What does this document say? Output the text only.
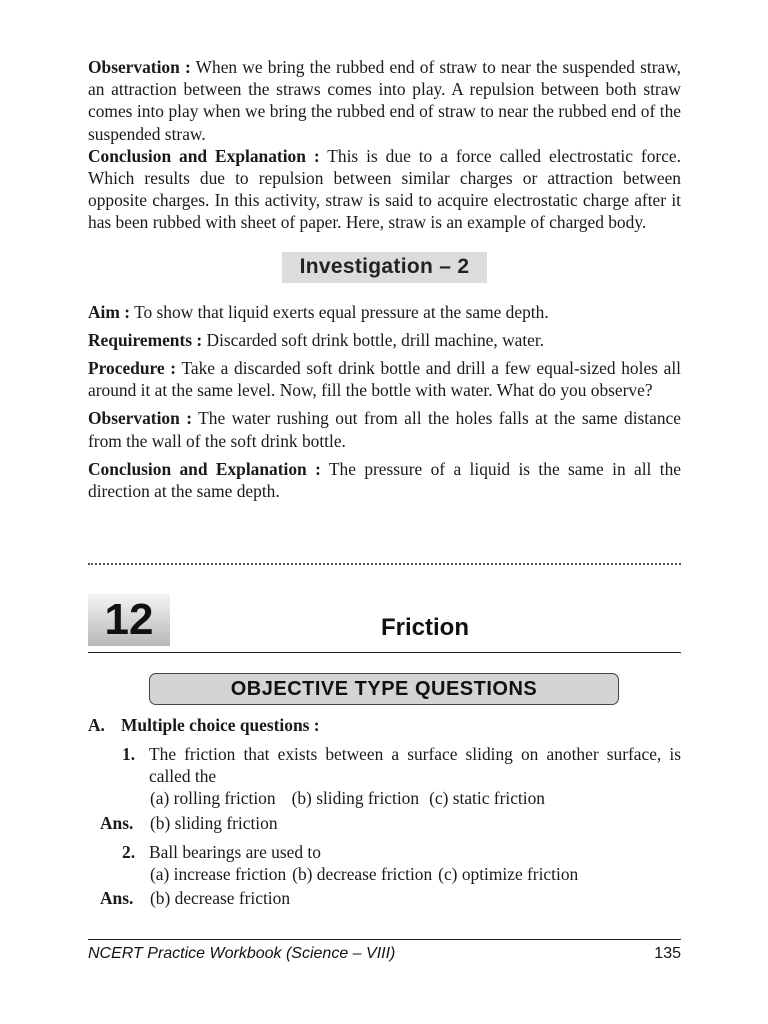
Observation : When we bring the rubbed end of straw to near the suspended straw, an attraction between the straws comes into play. A repulsion between both straw comes into play when we bring the rubbed end of straw to near the rubbed end of the suspended straw.

Conclusion and Explanation : This is due to a force called electrostatic force. Which results due to repulsion between similar charges or attraction between opposite charges. In this activity, straw is said to acquire electrostatic charge after it has been rubbed with sheet of paper. Here, straw is an example of charged body.

Investigation – 2

Aim : To show that liquid exerts equal pressure at the same depth.

Requirements : Discarded soft drink bottle, drill machine, water.

Procedure : Take a discarded soft drink bottle and drill a few equal-sized holes all around it at the same level. Now, fill the bottle with water. What do you observe?

Observation : The water rushing out from all the holes falls at the same distance from the wall of the soft drink bottle.

Conclusion and Explanation : The pressure of a liquid is the same in all the direction at the same depth.

12	Friction
OBJECTIVE TYPE QUESTIONS
A. Multiple choice questions :

1. The friction that exists between a surface sliding on another surface, is called the

(a) rolling friction (b) sliding friction (c) static friction
Ans. (b) sliding friction

2. Ball bearings are used to

(a) increase friction (b) decrease friction (c) optimize friction
Ans. (b) decrease friction
NCERT Practice Workbook (Science – VIII)	135
